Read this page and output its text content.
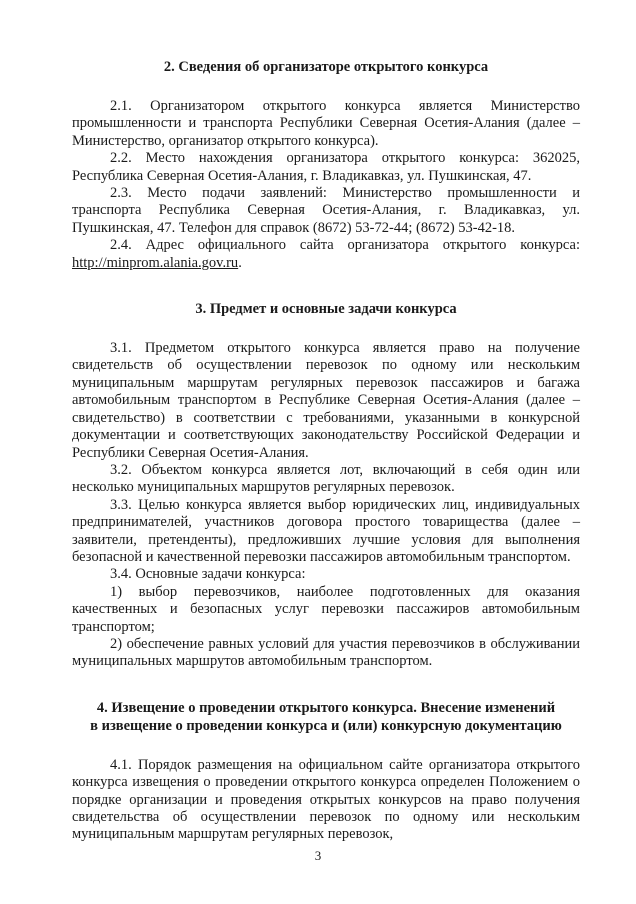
2. Сведения об организаторе открытого конкурса

2.1. Организатором открытого конкурса является Министерство промышленности и транспорта Республики Северная Осетия-Алания (далее – Министерство, организатор открытого конкурса).

2.2. Место нахождения организатора открытого конкурса: 362025, Республика Северная Осетия-Алания, г. Владикавказ, ул. Пушкинская, 47.

2.3. Место подачи заявлений: Министерство промышленности и транспорта Республика Северная Осетия-Алания, г. Владикавказ, ул. Пушкинская, 47. Телефон для справок (8672) 53-72-44; (8672) 53-42-18.

2.4. Адрес официального сайта организатора открытого конкурса: http://minprom.alania.gov.ru.

3. Предмет и основные задачи конкурса

3.1. Предметом открытого конкурса является право на получение свидетельств об осуществлении перевозок по одному или нескольким муниципальным маршрутам регулярных перевозок пассажиров и багажа автомобильным транспортом в Республике Северная Осетия-Алания (далее – свидетельство) в соответствии с требованиями, указанными в конкурсной документации и соответствующих законодательству Российской Федерации и Республики Северная Осетия-Алания.

3.2. Объектом конкурса является лот, включающий в себя один или несколько муниципальных маршрутов регулярных перевозок.

3.3. Целью конкурса является выбор юридических лиц, индивидуальных предпринимателей, участников договора простого товарищества (далее – заявители, претенденты), предложивших лучшие условия для выполнения безопасной и качественной перевозки пассажиров автомобильным транспортом.

3.4. Основные задачи конкурса:

1) выбор перевозчиков, наиболее подготовленных для оказания качественных и безопасных услуг перевозки пассажиров автомобильным транспортом;

2) обеспечение равных условий для участия перевозчиков в обслуживании муниципальных маршрутов автомобильным транспортом.

4. Извещение о проведении открытого конкурса. Внесение изменений
в извещение о проведении конкурса и (или) конкурсную документацию

4.1. Порядок размещения на официальном сайте организатора открытого конкурса извещения о проведении открытого конкурса определен Положением о порядке организации и проведения открытых конкурсов на право получения свидетельства об осуществлении перевозок по одному или нескольким муниципальным маршрутам регулярных перевозок,

3
